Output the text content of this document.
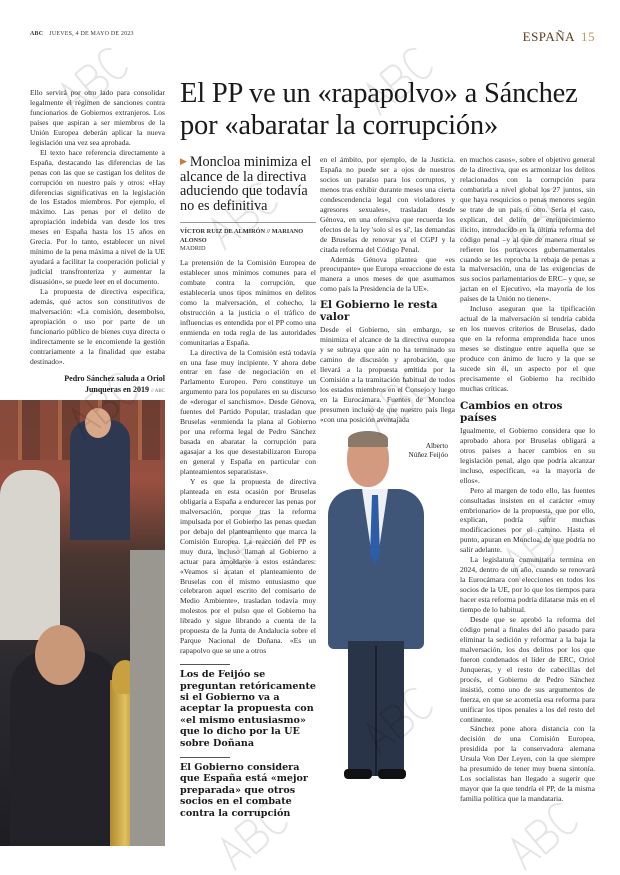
ABC JUEVES, 4 DE MAYO DE 2023	ESPAÑA 15

Ello servirá por otro lado para consolidar legalmente el régimen de sanciones contra funcionarios de Gobiernos extranjeros. Los países que aspiran a ser miembros de la Unión Europea deberán aplicar la nueva legislación una vez sea aprobada.

El texto hace referencia directamente a España, destacando las diferencias de las penas con las que se castigan los delitos de corrupción en nuestro país y otros: «Hay diferencias significativas en la legislación de los Estados miembros. Por ejemplo, el máximo. Las penas por el delito de apropiación indebida van desde los tres meses en España hasta los 15 años en Grecia. Por lo tanto, establecer un nivel mínimo de la pena máxima a nivel de la UE ayudará a facilitar la cooperación policial y judicial transfronteriza y aumentar la disuasión», se puede leer en el documento.

La propuesta de directiva especifica, además, qué actos son constitutivos de malversación: «La comisión, desembolso, apropiación o uso por parte de un funcionario público de bienes cuya directa o indirectamente se le encomiende la gestión contrariamente a la finalidad que estaba destinado».

Pedro Sánchez saluda a Oriol Junqueras en 2019 // ABC
El PP ve un «rapapolvo» a Sánchez por «abaratar la corrupción»
▶ Moncloa minimiza el alcance de la directiva aduciendo que todavía no es definitiva
VÍCTOR RUIZ DE ALMIRÓN // MARIANO ALONSO
MADRID

La pretensión de la Comisión Europea de establecer unos mínimos comunes para el combate contra la corrupción, que establecería unos tipos mínimos en delitos como la malversación, el cohecho, la obstrucción a la justicia o el tráfico de influencias es entendida por el PP como una enmienda en toda regla de las autoridades comunitarias a España.

La directiva de la Comisión está todavía en una fase muy incipiente. Y ahora debe entrar en fase de negociación en el Parlamento Europeo. Pero constituye un argumento para los populares en su discurso de «derogar el sanchismo». Desde Génova, fuentes del Partido Popular, trasladan que Bruselas «enmienda la plana al Gobierno por una reforma legal de Pedro Sánchez basada en abaratar la corrupción para agasajar a los que desestabilizaron Europa en general y España en particular con planteamientos separatistas».

Y es que la propuesta de directiva planteada en esta ocasión por Bruselas obligaría a España a endurecer las penas por malversación, porque tras la reforma impulsada por el Gobierno las penas quedan por debajo del planteamiento que marca la Comisión Europea. La reacción del PP es muy dura, incluso llaman al Gobierno a actuar para amoldarse a estos estándares: «Veamos si acatan el planteamiento de Bruselas con el mismo entusiasmo que celebraron aquel escrito del comisario de Medio Ambiente», trasladan todavía muy molestos por el pulso que el Gobierno ha librado y sigue librando a cuenta de la propuesta de la Junta de Andalucía sobre el Parque Nacional de Doñana. «Es un rapapolvo que se une a otros

Los de Feijóo se preguntan retóricamente si el Gobierno va a aceptar la propuesta con «el mismo entusiasmo» que lo dicho por la UE sobre Doñana
El Gobierno considera que España está «mejor preparada» que otros socios en el combate contra la corrupción

en el ámbito, por ejemplo, de la Justicia. España no puede ser a ojos de nuestros socios un paraíso para los corruptos, y menos tras exhibir durante meses una cierta condescendencia legal con violadores y agresores sexuales», trasladan desde Génova, en una ofensiva que recuerda los efectos de la ley 'solo sí es sí', las demandas de Bruselas de renovar ya el CGPJ y la citada reforma del Código Penal.

Además Génova plantea que «es preocupante» que Europa «reaccione de esta manera a unos meses de que asumamos como país la Presidencia de la UE».

El Gobierno le resta valor

Desde el Gobierno, sin embargo, se minimiza el alcance de la directiva europea y se subraya que aún no ha terminado su camino de discusión y aprobación, que llevará a la propuesta emitida por la Comisión a la tramitación habitual de todos los estados miembros en el Consejo y luego en la Eurocámara. Fuentes de Moncloa presumen incluso de que nuestro país llega «con una posición aventajada

Alberto Núñez Feijóo

en muchos casos», sobre el objetivo general de la directiva, que es armonizar los delitos relacionados con la corrupción para combatirla a nivel global los 27 juntos, sin que haya resquicios o penas menores según se trate de un país u otro. Sería el caso, explican, del delito de enriquecimiento ilícito, introducido en la última reforma del código penal –y al que de manera ritual se refieren los portavoces gubernamentales cuando se les reprocha la rebaja de penas a la malversación, una de las exigencias de sus socios parlamentarios de ERC– y que, se jactan en el Ejecutivo, «la mayoría de los países de la Unión no tienen».

Incluso aseguran que la tipificación actual de la malversación sí tendría cabida en los nuevos criterios de Bruselas, dado que en la reforma emprendida hace unos meses se distingue entre aquella que se produce con ánimo de lucro y la que se sucede sin él, un aspecto por el que precisamente el Gobierno ha recibido muchas críticas.

Cambios en otros países

Igualmente, el Gobierno considera que lo aprobado ahora por Bruselas obligará a otros países a hacer cambios en su legislación penal, algo que podría alcanzar incluso, especifican, «a la mayoría de ellos».

Pero al margen de todo ello, las fuentes consultadas insisten en el carácter «muy embrionario» de la propuesta, que por ello, explican, podría sufrir muchas modificaciones por el camino. Hasta el punto, apuran en Moncloa, de que podría no salir adelante.

La legislatura comunitaria termina en 2024, dentro de un año, cuando se renovará la Eurocámara con elecciones en todos los socios de la UE, por lo que los tiempos para hacer esta reforma podría dilatarse más en el tiempo de lo habitual.

Desde que se aprobó la reforma del código penal a finales del año pasado para eliminar la sedición y reformar a la baja la malversación, los dos delitos por los que fueron condenados el líder de ERC, Oriol Junqueras, y el resto de cabecillas del procés, el Gobierno de Pedro Sánchez insistió, como uno de sus argumentos de fuerza, en que se acometía esa reforma para unificar los tipos penales a los del resto del continente.

Sánchez pone ahora distancia con la decisión de una Comisión Europea, presidida por la conservadora alemana Ursula Von Der Leyen, con la que siempre ha presumido de tener muy buena sintonía. Los socialistas han llegado a sugerir que mayor que la que tendría el PP, de la misma familia política que la mandataria.
